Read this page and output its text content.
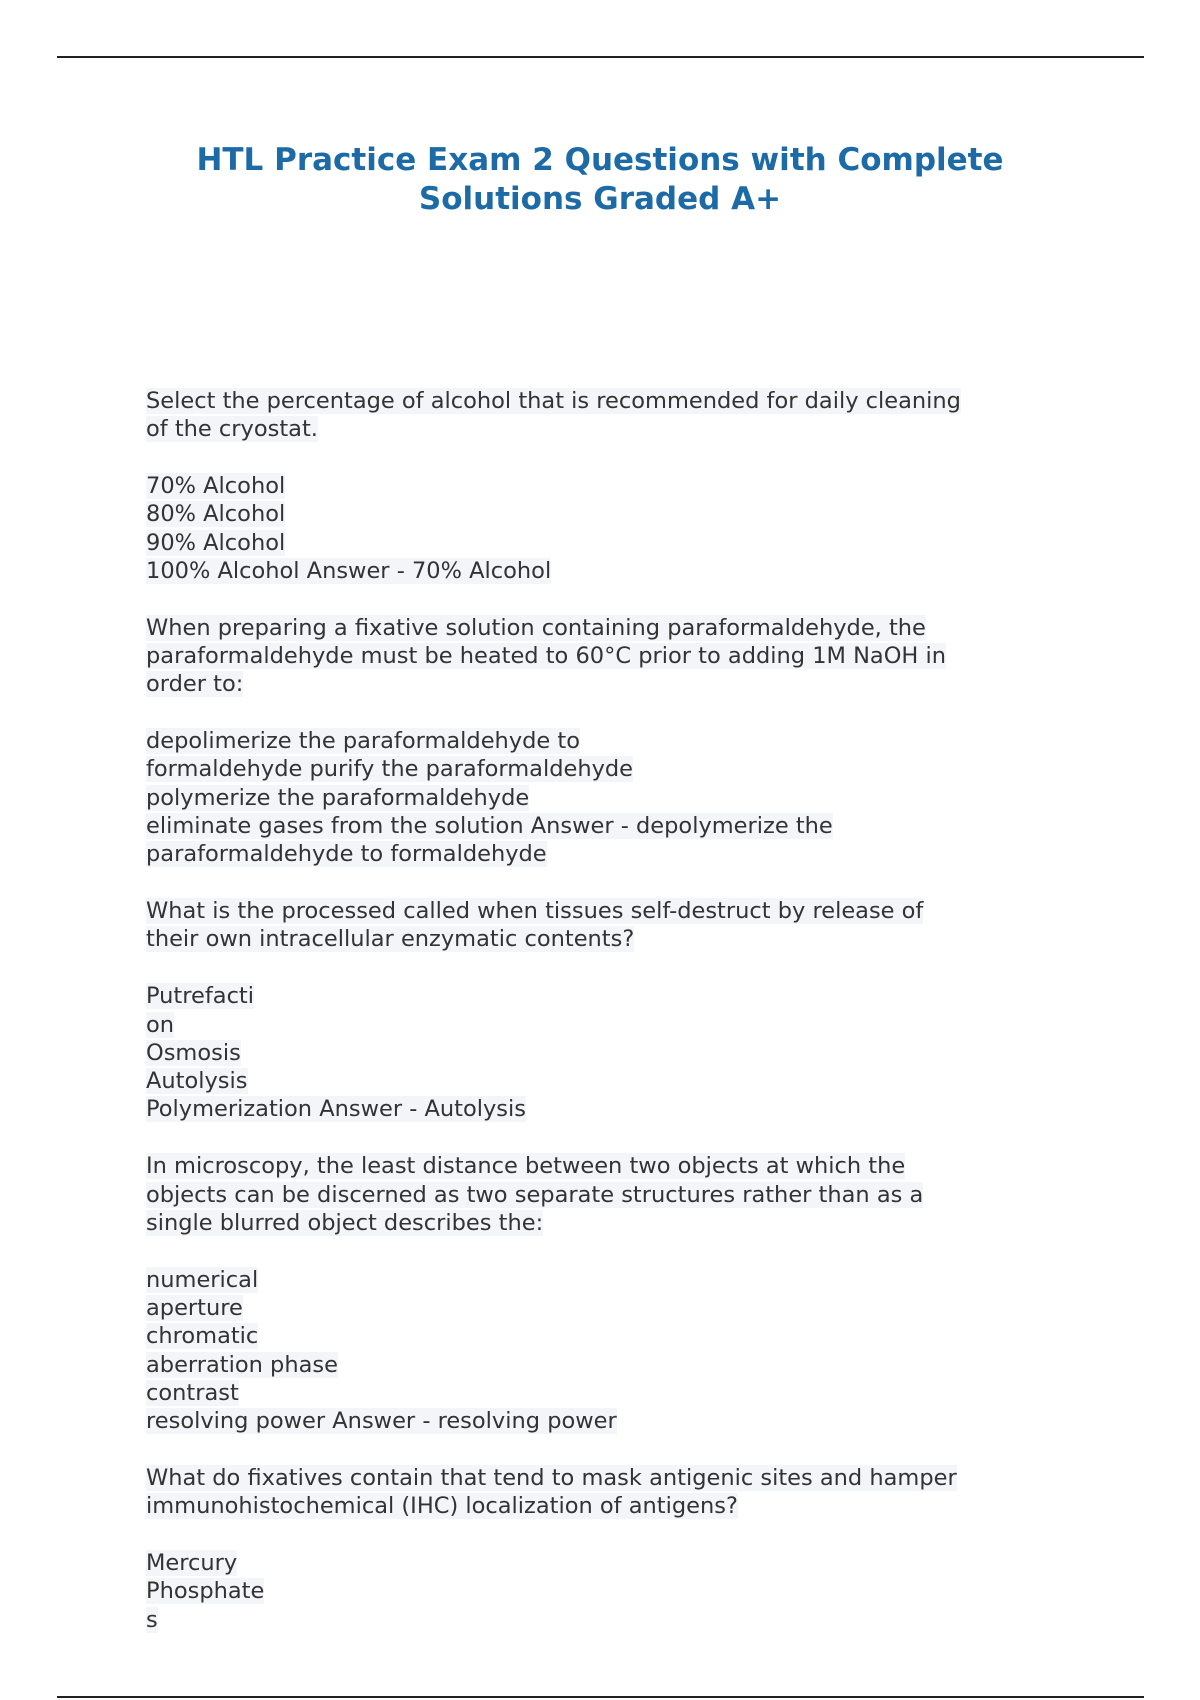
HTL Practice Exam 2 Questions with Complete
Solutions Graded A+
Select the percentage of alcohol that is recommended for daily cleaning
of the cryostat.
70% Alcohol
80% Alcohol
90% Alcohol
100% Alcohol Answer - 70% Alcohol
When preparing a fixative solution containing paraformaldehyde, the
paraformaldehyde must be heated to 60°C prior to adding 1M NaOH in
order to:
depolimerize the paraformaldehyde to
formaldehyde purify the paraformaldehyde
polymerize the paraformaldehyde
eliminate gases from the solution Answer - depolymerize the
paraformaldehyde to formaldehyde
What is the processed called when tissues self-destruct by release of
their own intracellular enzymatic contents?
Putrefacti
on
Osmosis
Autolysis
Polymerization Answer - Autolysis
In microscopy, the least distance between two objects at which the
objects can be discerned as two separate structures rather than as a
single blurred object describes the:
numerical
aperture
chromatic
aberration phase
contrast
resolving power Answer - resolving power
What do fixatives contain that tend to mask antigenic sites and hamper
immunohistochemical (IHC) localization of antigens?
Mercury
Phosphate
s
